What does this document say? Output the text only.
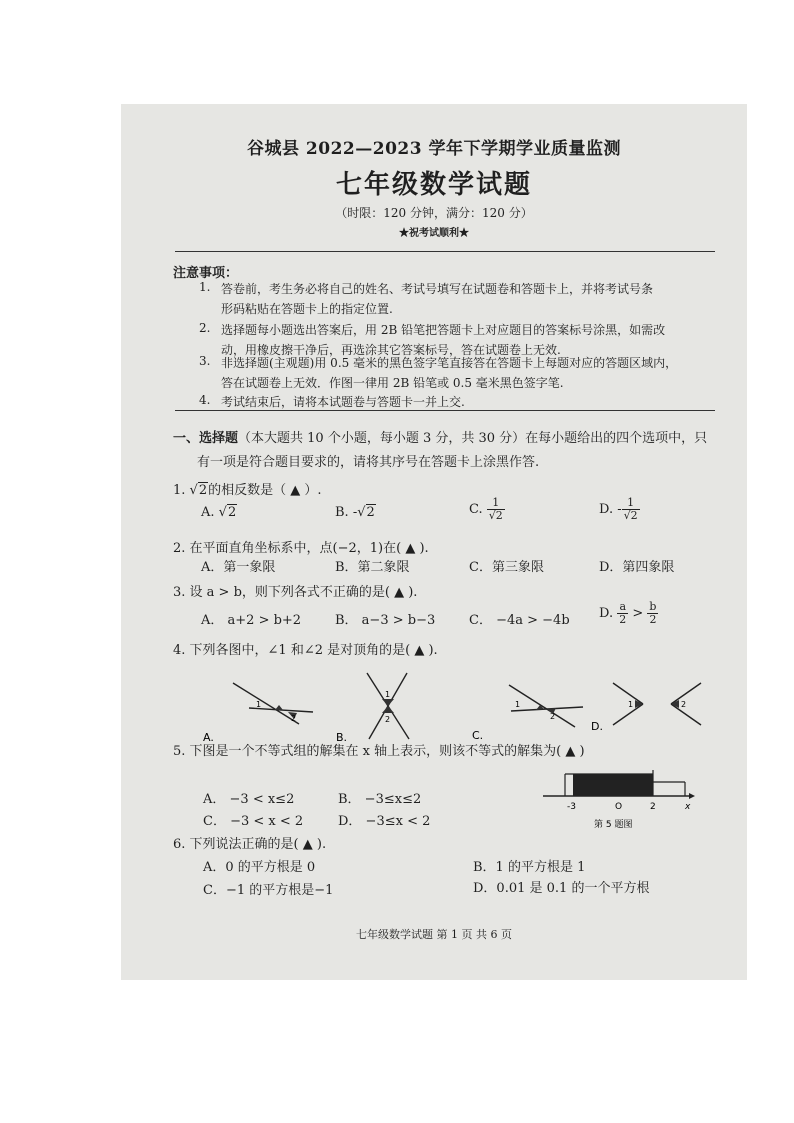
谷城县 2022—2023 学年下学期学业质量监测
七年级数学试题
（时限：120 分钟，满分：120 分）
★祝考试顺利★
注意事项：
1. 答卷前，考生务必将自己的姓名、考试号填写在试题卷和答题卡上，并将考试号条
形码粘贴在答题卡上的指定位置.
2. 选择题每小题选出答案后，用 2B 铅笔把答题卡上对应题目的答案标号涂黑，如需改
动，用橡皮擦干净后，再选涂其它答案标号，答在试题卷上无效.
3. 非选择题(主观题)用 0.5 毫米的黑色签字笔直接答在答题卡上每题对应的答题区域内，
答在试题卷上无效．作图一律用 2B 铅笔或 0.5 毫米黑色签字笔.
4. 考试结束后，请将本试题卷与答题卡一并上交.
一、选择题（本大题共 10 个小题，每小题 3 分，共 30 分）在每小题给出的四个选项中，只
有一项是符合题目要求的，请将其序号在答题卡上涂黑作答.
1. √2的相反数是（ ▲ ）.
A. √2	B. -√2	C. $\frac{1}{√2}$	D. - $\frac{1}{√2}$
2. 在平面直角坐标系中，点(−2，1)在( ▲ ).
A．第一象限	B．第二象限	C．第三象限	D．第四象限
3. 设 a > b，则下列各式不正确的是( ▲ ).
A． a+2 > b+2	B． a−3 > b−3	C． −4a > −4b D. $\frac{a}{2} > \frac{b}{2}$
4. 下列各图中，∠1 和∠2 是对顶角的是( ▲ ).
1
2
A.
1
2
B.
1
2
C.
1	2
D.
5. 下图是一个不等式组的解集在 x 轴上表示，则该不等式的解集为( ▲ )
A． −3 < x≤2	B． −3≤x≤2
C． −3 < x < 2	D． −3≤x < 2
-3	O	2	x
第 5 题图
6. 下列说法正确的是( ▲ ).
A．0 的平方根是 0	B．1 的平方根是 1
C．−1 的平方根是−1	D．0.01 是 0.1 的一个平方根
七年级数学试题 第 1 页 共 6 页
